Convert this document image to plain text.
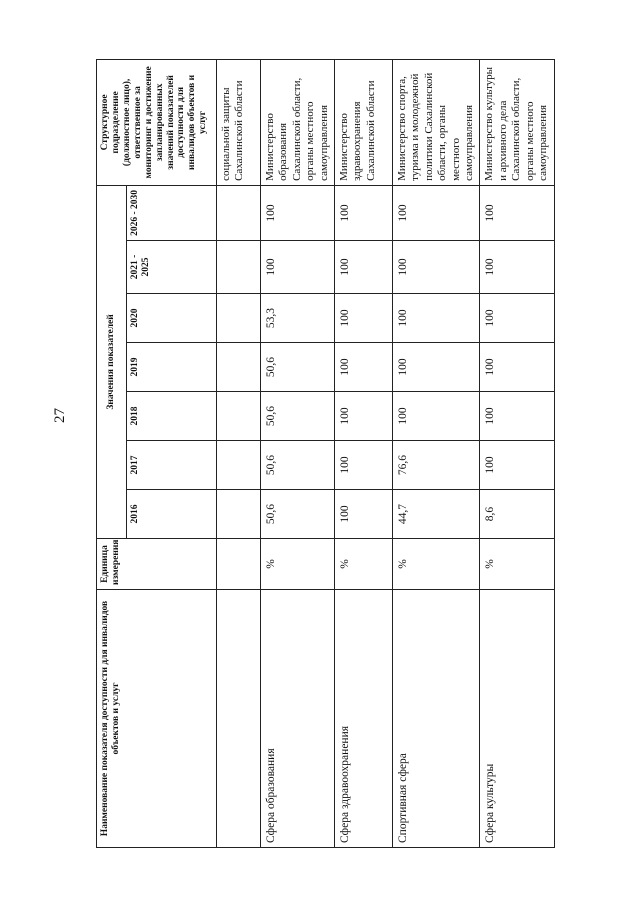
27
Наименование показателя доступности для инвалидов объектов и услуг	Единица измерения	Значения показателей							Структурное подразделение (должностное лицо), ответственное за мониторинг и достижение запланированных значений показателей доступности для инвалидов объектов и услуг
		2016	2017	2018	2019	2020	2021 - 2025	2026 - 2030	
									социальной защиты Сахалинской области
Сфера образования	%	50,6	50,6	50,6	50,6	53,3	100	100	Министерство образования Сахалинской области, органы местного самоуправления
Сфера здравоохранения	%	100	100	100	100	100	100	100	Министерство здравоохранения Сахалинской области
Спортивная сфера	%	44,7	76,6	100	100	100	100	100	Министерство спорта, туризма и молодежной политики Сахалинской области, органы местного самоуправления
Сфера культуры	%	8,6	100	100	100	100	100	100	Министерство культуры и архивного дела Сахалинской области, органы местного самоуправления
